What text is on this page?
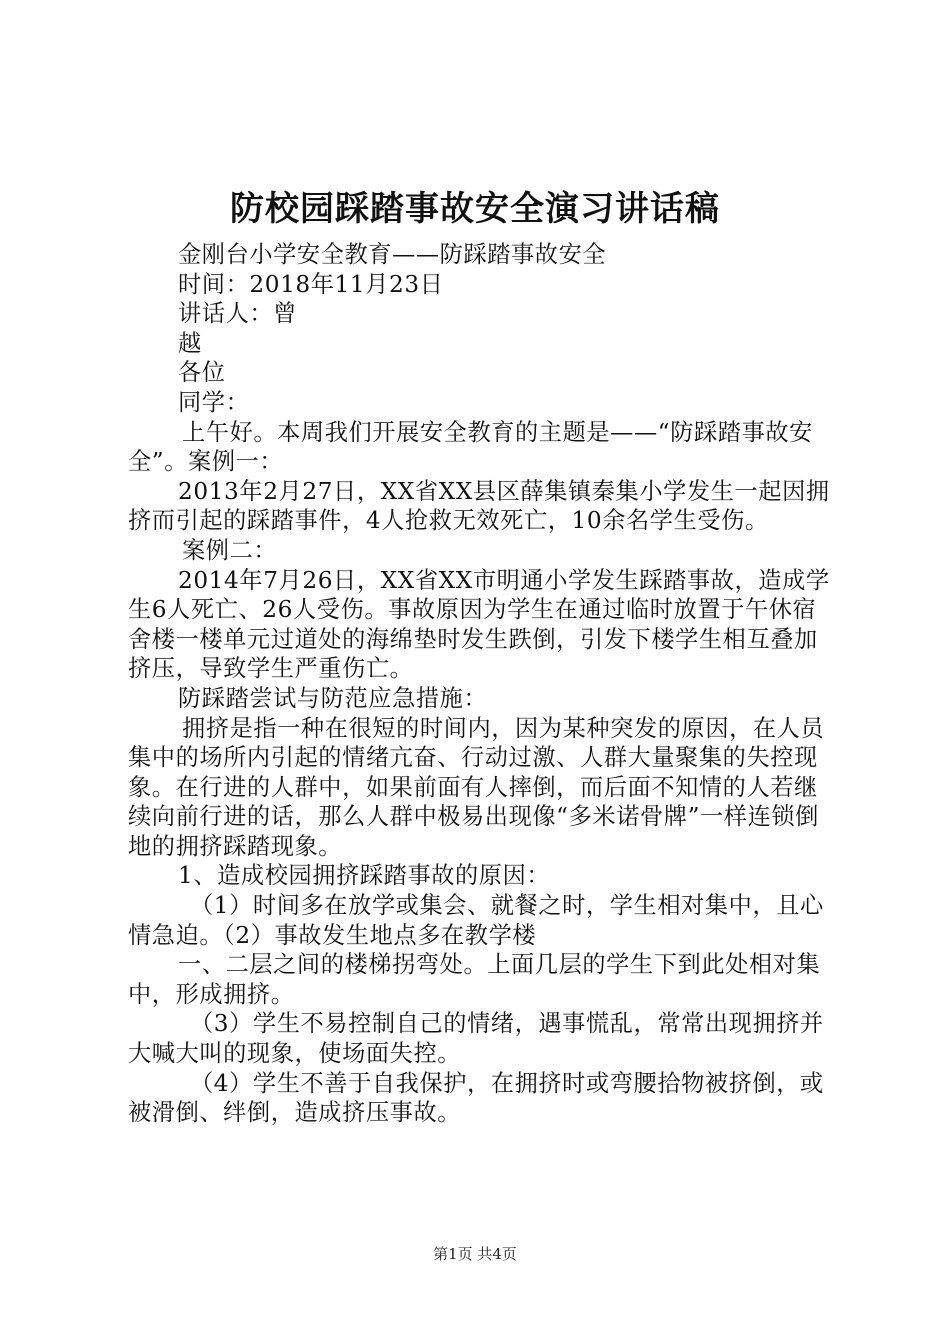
防校园踩踏事故安全演习讲话稿

金刚台小学安全教育——防踩踏事故安全

时间：2018年11月23日

讲话人：曾

越

各位

同学：

上午好。本周我们开展安全教育的主题是——“防踩踏事故安全”。案例一：

2013年2月27日，XX省XX县区薛集镇秦集小学发生一起因拥挤而引起的踩踏事件，4人抢救无效死亡，10余名学生受伤。

案例二：

2014年7月26日，XX省XX市明通小学发生踩踏事故，造成学生6人死亡、26人受伤。事故原因为学生在通过临时放置于午休宿舍楼一楼单元过道处的海绵垫时发生跌倒，引发下楼学生相互叠加挤压，导致学生严重伤亡。

防踩踏尝试与防范应急措施：

拥挤是指一种在很短的时间内，因为某种突发的原因，在人员集中的场所内引起的情绪亢奋、行动过激、人群大量聚集的失控现象。在行进的人群中，如果前面有人摔倒，而后面不知情的人若继续向前行进的话，那么人群中极易出现像“多米诺骨牌”一样连锁倒地的拥挤踩踏现象。

1、造成校园拥挤踩踏事故的原因：

（1）时间多在放学或集会、就餐之时，学生相对集中，且心情急迫。（2）事故发生地点多在教学楼

一、二层之间的楼梯拐弯处。上面几层的学生下到此处相对集中，形成拥挤。

（3）学生不易控制自己的情绪，遇事慌乱，常常出现拥挤并大喊大叫的现象，使场面失控。

（4）学生不善于自我保护，在拥挤时或弯腰拾物被挤倒，或被滑倒、绊倒，造成挤压事故。

第1页 共4页
